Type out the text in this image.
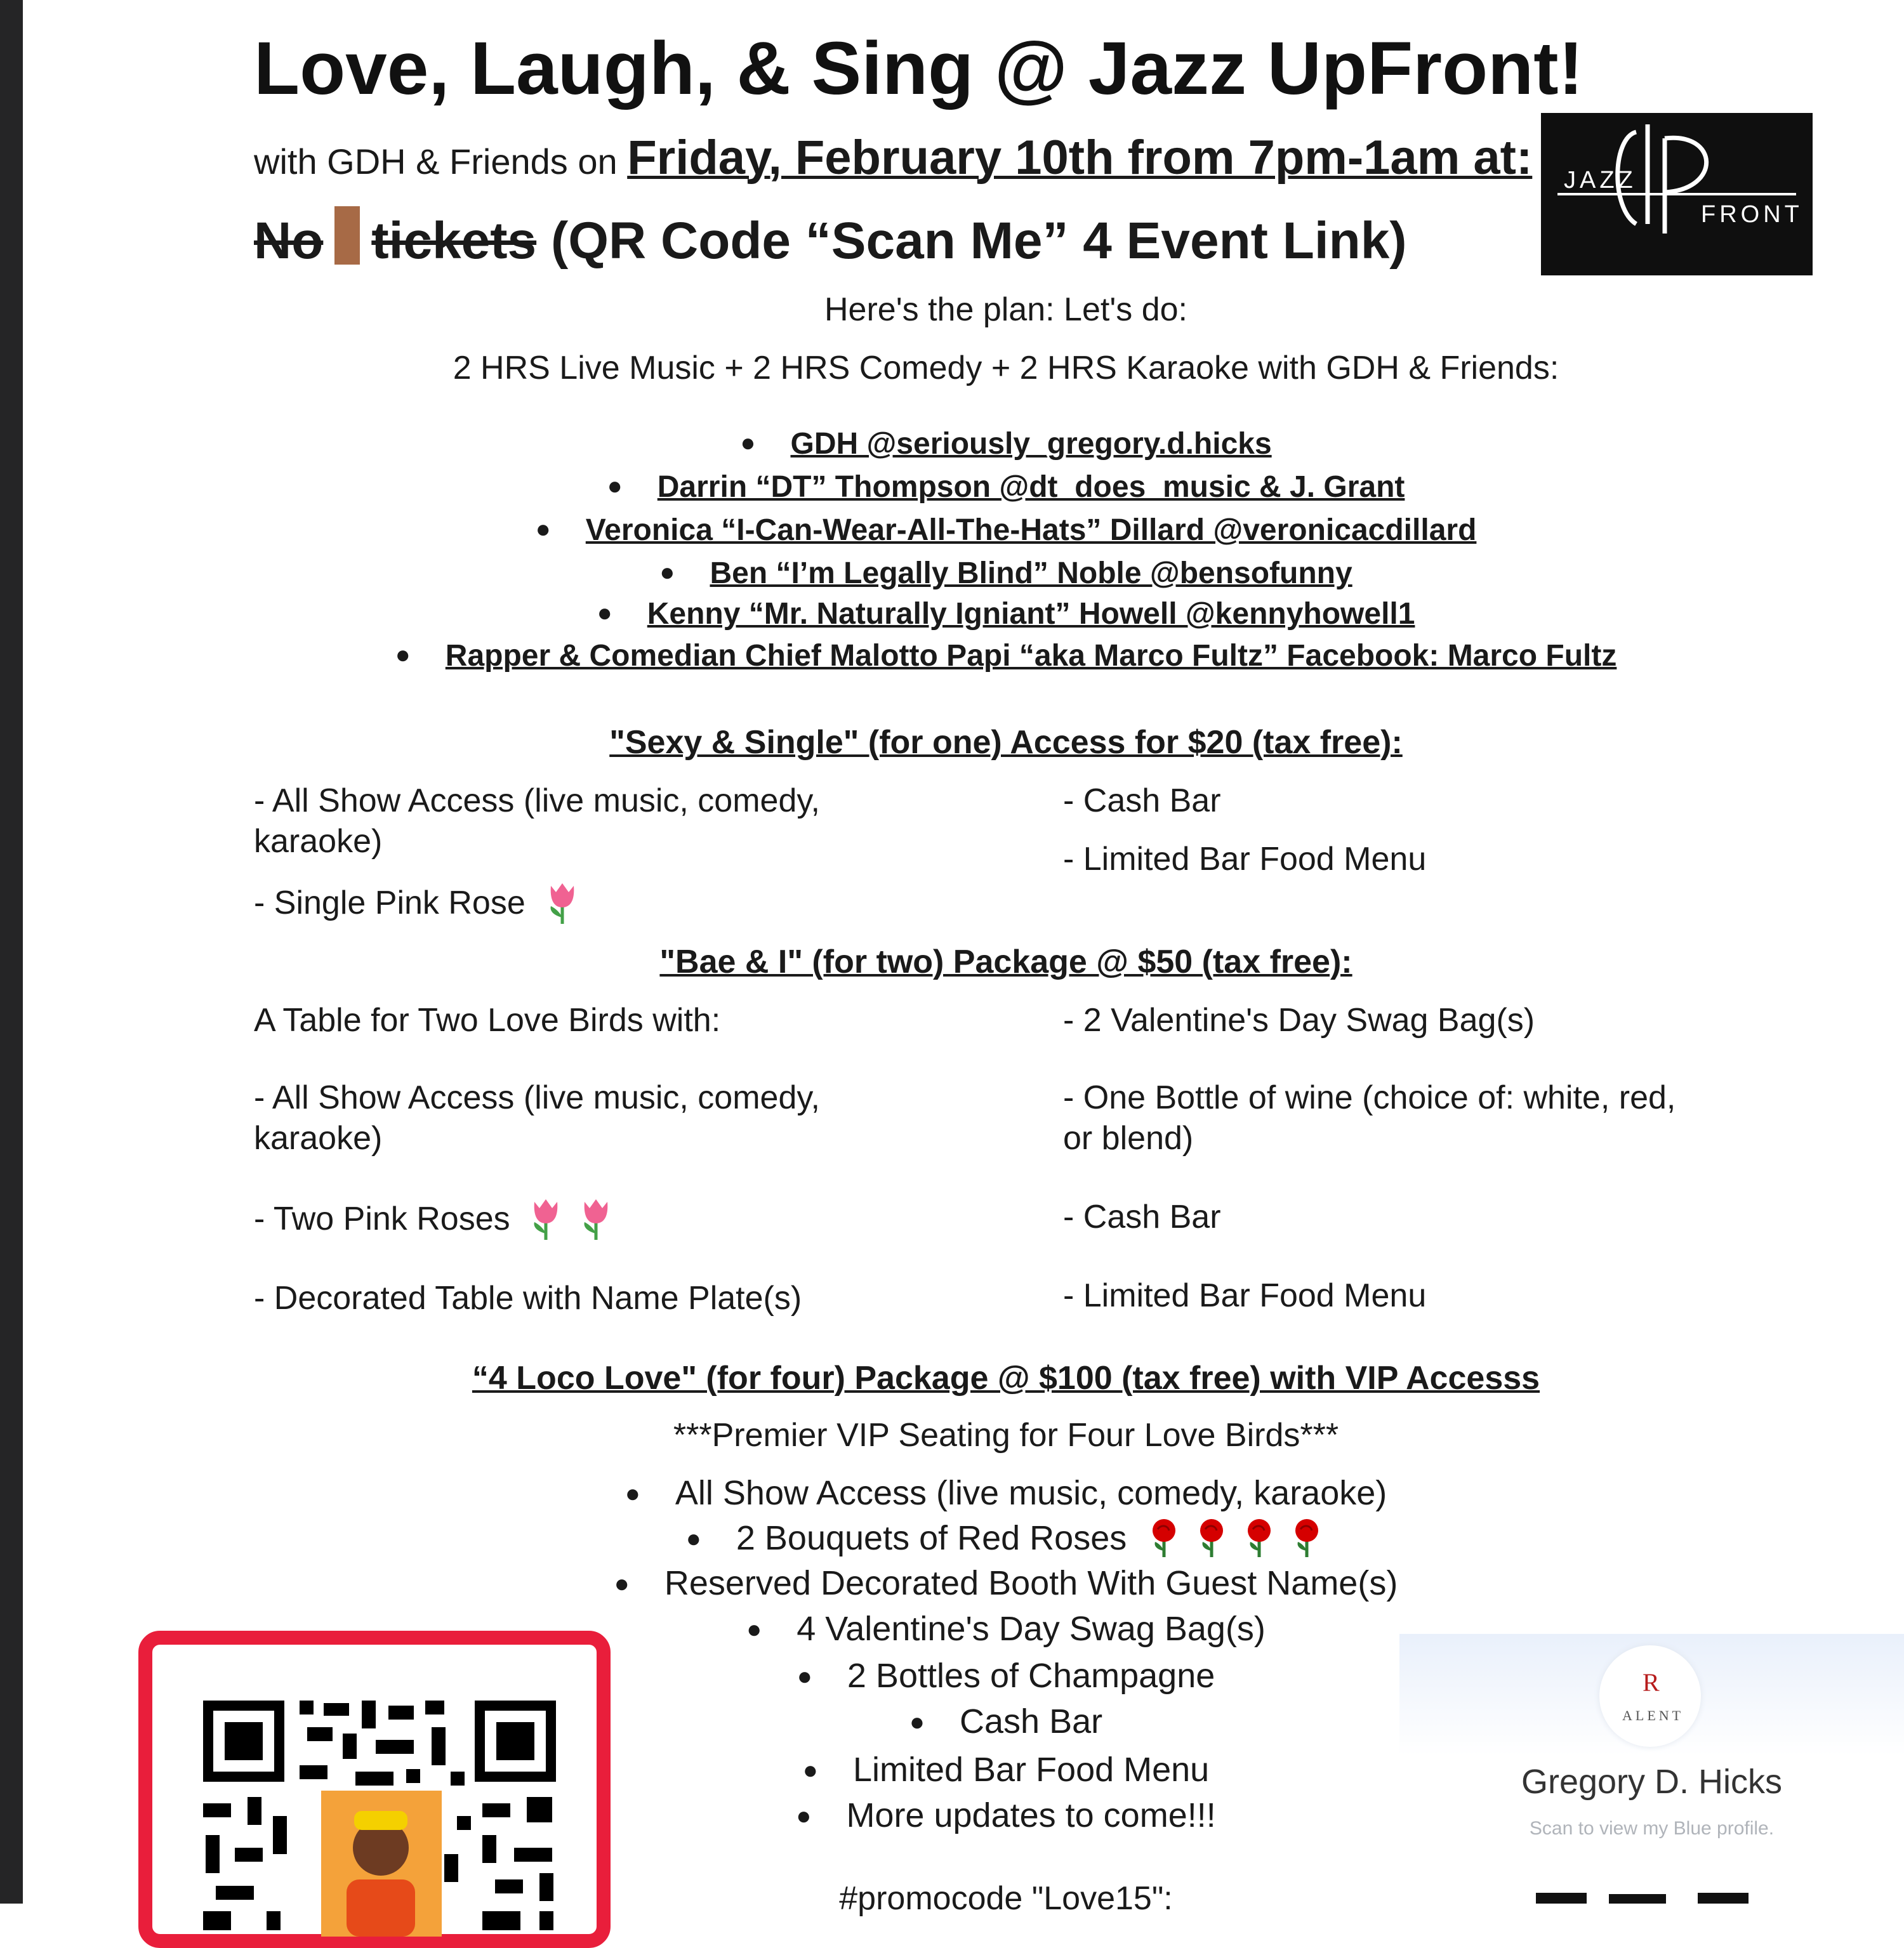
Love, Laugh, & Sing @ Jazz UpFront!
with GDH & Friends on Friday, February 10th from 7pm-1am at:
No tickets (QR Code “Scan Me” 4 Event Link)
JAZZ
FRONT
Here's the plan: Let's do:
2 HRS Live Music + 2 HRS Comedy + 2 HRS Karaoke with GDH & Friends:
● GDH @seriously_gregory.d.hicks
● Darrin “DT” Thompson @dt_does_music & J. Grant
● Veronica “I-Can-Wear-All-The-Hats” Dillard @veronicacdillard
● Ben “I’m Legally Blind” Noble @bensofunny
● Kenny “Mr. Naturally Igniant” Howell @kennyhowell1
● Rapper & Comedian Chief Malotto Papi “aka Marco Fultz” Facebook: Marco Fultz
"Sexy & Single" (for one) Access for $20 (tax free):
- All Show Access (live music, comedy,
karaoke)
- Single Pink Rose
- Cash Bar
- Limited Bar Food Menu
"Bae & I" (for two) Package @ $50 (tax free):
A Table for Two Love Birds with:
- All Show Access (live music, comedy,
karaoke)
- Two Pink Roses
- Decorated Table with Name Plate(s)
- 2 Valentine's Day Swag Bag(s)
- One Bottle of wine (choice of: white, red,
or blend)
- Cash Bar
- Limited Bar Food Menu
“4 Loco Love" (for four) Package @ $100 (tax free) with VIP Accesss
***Premier VIP Seating for Four Love Birds***
● All Show Access (live music, comedy, karaoke)
● 2 Bouquets of Red Roses
● Reserved Decorated Booth With Guest Name(s)
● 4 Valentine's Day Swag Bag(s)
● 2 Bottles of Champagne
● Cash Bar
● Limited Bar Food Menu
● More updates to come!!!
#promocode "Love15":
R
ALENT
Gregory D. Hicks
Scan to view my Blue profile.
